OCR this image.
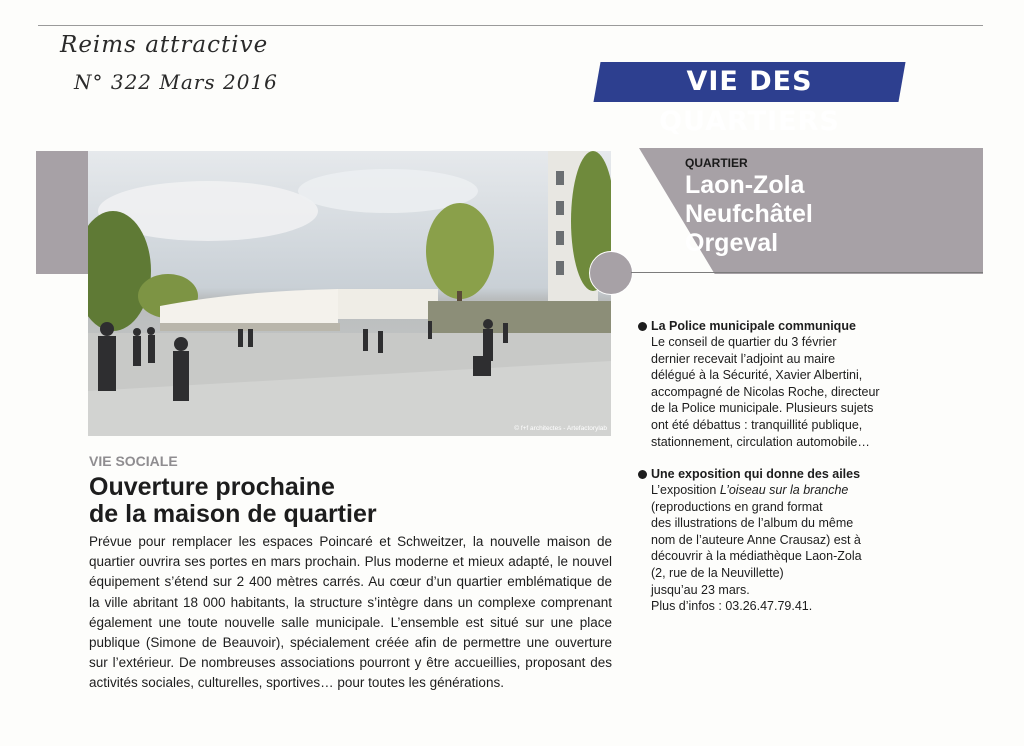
Reims attractive
N° 322 Mars 2016	VIE DES QUARTIERS
© f+f architectes - Artefactorylab
QUARTIER
Laon-Zola
Neufchâtel
Orgeval
VIE SOCIALE
Ouverture prochaine
de la maison de quartier

Prévue pour remplacer les espaces Poincaré et Schweitzer, la nouvelle maison de quartier ouvrira ses portes en mars prochain. Plus moderne et mieux adapté, le nouvel équipement s’étend sur 2 400 mètres carrés. Au cœur d’un quartier emblématique de la ville abritant 18 000 habitants, la structure s’intègre dans un complexe comprenant également une toute nouvelle salle municipale. L’ensemble est situé sur une place publique (Simone de Beauvoir), spécialement créée afin de permettre une ouverture sur l’extérieur. De nombreuses associations pourront y être accueillies, proposant des activités sociales, culturelles, sportives… pour toutes les générations.

La Police municipale communique
Le conseil de quartier du 3 février
dernier recevait l’adjoint au maire
délégué à la Sécurité, Xavier Albertini,
accompagné de Nicolas Roche, directeur
de la Police municipale. Plusieurs sujets
ont été débattus : tranquillité publique,
stationnement, circulation automobile…
Une exposition qui donne des ailes
L’exposition L’oiseau sur la branche
(reproductions en grand format
des illustrations de l’album du même
nom de l’auteure Anne Crausaz) est à
découvrir à la médiathèque Laon-Zola
(2, rue de la Neuvillette)
jusqu’au 23 mars.
Plus d’infos : 03.26.47.79.41.
